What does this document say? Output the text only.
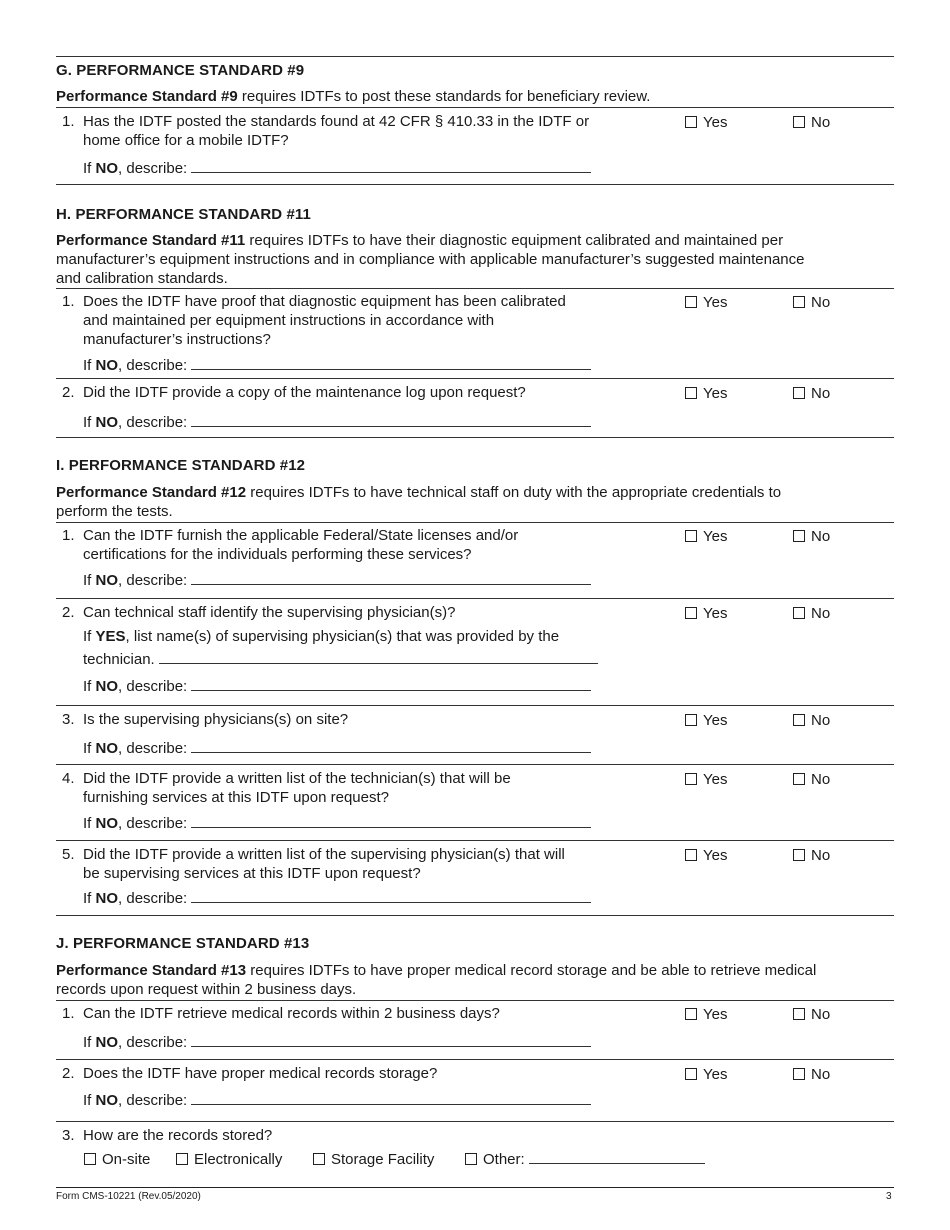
G. PERFORMANCE STANDARD #9
Performance Standard #9 requires IDTFs to post these standards for beneficiary review.
1. Has the IDTF posted the standards found at 42 CFR § 410.33 in the IDTF or
home office for a mobile IDTF?
Yes	No
If NO, describe:
H. PERFORMANCE STANDARD #11
Performance Standard #11 requires IDTFs to have their diagnostic equipment calibrated and maintained per
manufacturer’s equipment instructions and in compliance with applicable manufacturer’s suggested maintenance
and calibration standards.
1. Does the IDTF have proof that diagnostic equipment has been calibrated
and maintained per equipment instructions in accordance with
manufacturer’s instructions?
Yes	No
If NO, describe:
2. Did the IDTF provide a copy of the maintenance log upon request?	Yes	No
If NO, describe:
I. PERFORMANCE STANDARD #12
Performance Standard #12 requires IDTFs to have technical staff on duty with the appropriate credentials to
perform the tests.
1. Can the IDTF furnish the applicable Federal/State licenses and/or
certifications for the individuals performing these services?
Yes	No
If NO, describe:
2. Can technical staff identify the supervising physician(s)?	Yes	No
If YES, list name(s) of supervising physician(s) that was provided by the
technician.
If NO, describe:
3. Is the supervising physicians(s) on site?	Yes	No
If NO, describe:
4. Did the IDTF provide a written list of the technician(s) that will be
furnishing services at this IDTF upon request?
Yes	No
If NO, describe:
5. Did the IDTF provide a written list of the supervising physician(s) that will
be supervising services at this IDTF upon request?
Yes	No
If NO, describe:
J. PERFORMANCE STANDARD #13
Performance Standard #13 requires IDTFs to have proper medical record storage and be able to retrieve medical
records upon request within 2 business days.
1. Can the IDTF retrieve medical records within 2 business days?	Yes	No
If NO, describe:
2. Does the IDTF have proper medical records storage?	Yes	No
If NO, describe:
3. How are the records stored?
On-site	Electronically	Storage Facility	Other:
Form CMS-10221 (Rev.05/2020)	3
